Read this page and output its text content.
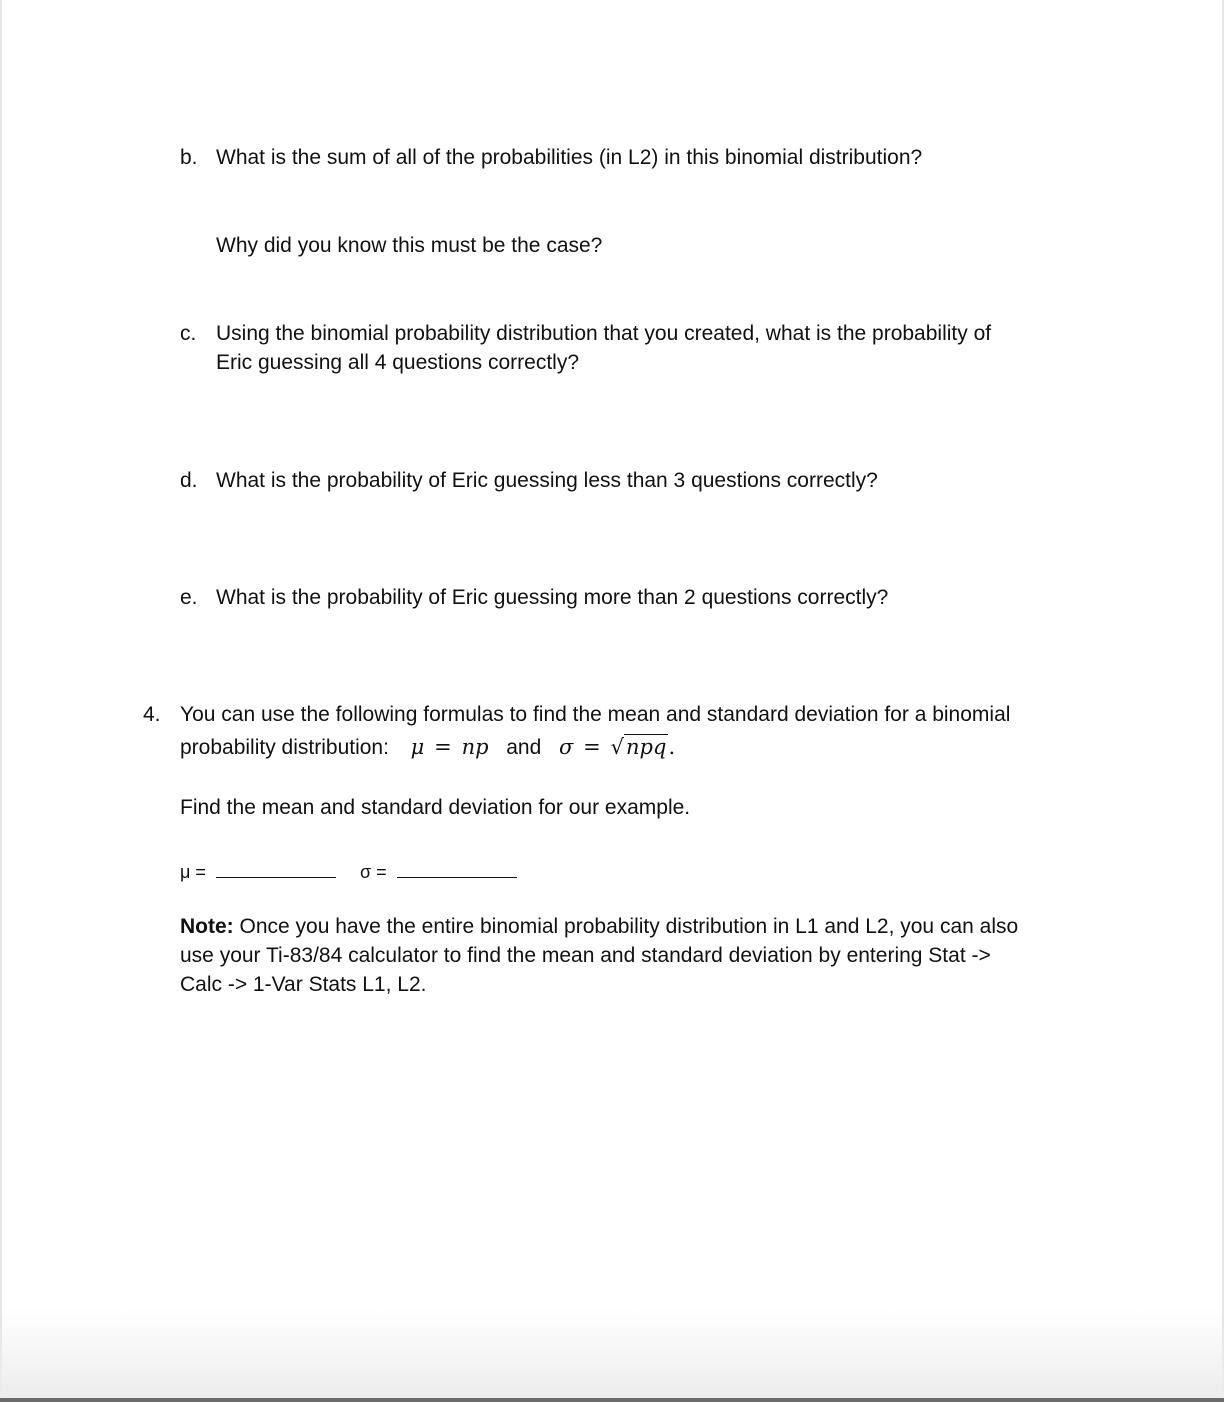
b. What is the sum of all of the probabilities (in L2) in this binomial distribution?
Why did you know this must be the case?
c. Using the binomial probability distribution that you created, what is the probability of
Eric guessing all 4 questions correctly?
d. What is the probability of Eric guessing less than 3 questions correctly?
e. What is the probability of Eric guessing more than 2 questions correctly?
4. You can use the following formulas to find the mean and standard deviation for a binomial
probability distribution: μ = np and σ = √npq.
Find the mean and standard deviation for our example.
μ =	σ =
Note: Once you have the entire binomial probability distribution in L1 and L2, you can also
use your Ti-83/84 calculator to find the mean and standard deviation by entering Stat ->
Calc -> 1-Var Stats L1, L2.
